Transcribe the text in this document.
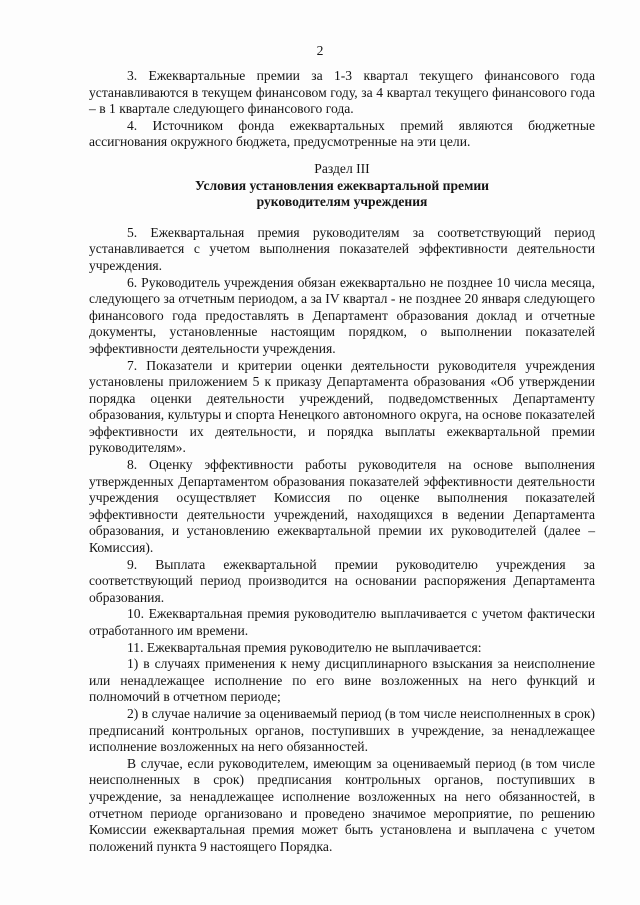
2

3. Ежеквартальные премии за 1-3 квартал текущего финансового года устанавливаются в текущем финансовом году, за 4 квартал текущего финансового года – в 1 квартале следующего финансового года.

4. Источником фонда ежеквартальных премий являются бюджетные ассигнования окружного бюджета, предусмотренные на эти цели.

Раздел III

Условия установления ежеквартальной премии

руководителям учреждения

5. Ежеквартальная премия руководителям за соответствующий период устанавливается с учетом выполнения показателей эффективности деятельности учреждения.

6. Руководитель учреждения обязан ежеквартально не позднее 10 числа месяца, следующего за отчетным периодом, а за IV квартал - не позднее 20 января следующего финансового года предоставлять в Департамент образования доклад и отчетные документы, установленные настоящим порядком, о выполнении показателей эффективности деятельности учреждения.

7. Показатели и критерии оценки деятельности руководителя учреждения установлены приложением 5 к приказу Департамента образования «Об утверждении порядка оценки деятельности учреждений, подведомственных Департаменту образования, культуры и спорта Ненецкого автономного округа, на основе показателей эффективности их деятельности, и порядка выплаты ежеквартальной премии руководителям».

8. Оценку эффективности работы руководителя на основе выполнения утвержденных Департаментом образования показателей эффективности деятельности учреждения осуществляет Комиссия по оценке выполнения показателей эффективности деятельности учреждений, находящихся в ведении Департамента образования, и установлению ежеквартальной премии их руководителей (далее – Комиссия).

9. Выплата ежеквартальной премии руководителю учреждения за соответствующий период производится на основании распоряжения Департамента образования.

10. Ежеквартальная премия руководителю выплачивается с учетом фактически отработанного им времени.

11. Ежеквартальная премия руководителю не выплачивается:

1) в случаях применения к нему дисциплинарного взыскания за неисполнение или ненадлежащее исполнение по его вине возложенных на него функций и полномочий в отчетном периоде;

2) в случае наличие за оцениваемый период (в том числе неисполненных в срок) предписаний контрольных органов, поступивших в учреждение, за ненадлежащее исполнение возложенных на него обязанностей.

В случае, если руководителем, имеющим за оцениваемый период (в том числе неисполненных в срок) предписания контрольных органов, поступивших в учреждение, за ненадлежащее исполнение возложенных на него обязанностей, в отчетном периоде организовано и проведено значимое мероприятие, по решению Комиссии ежеквартальная премия может быть установлена и выплачена с учетом положений пункта 9 настоящего Порядка.
